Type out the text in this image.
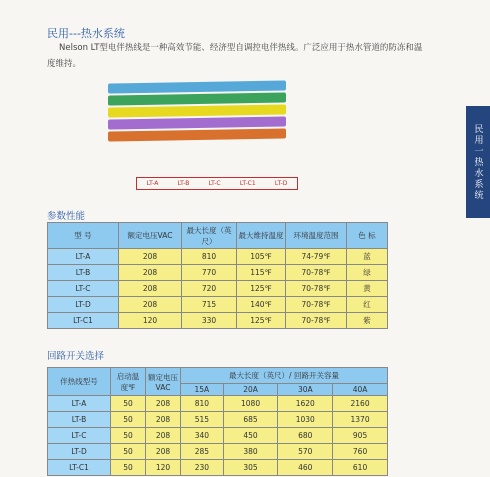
民用---热水系统
Nelson LT型电伴热线是一种高效节能、经济型自调控电伴热线。广泛应用于热水管道的防冻和温度维持。
LT-A	LT-B	LT-C	LT-C1	LT-D	民用一热水系统
参数性能
型 号	额定电压VAC	最大长度（英尺）	最大维持温度	环境温度范围	色 标
LT-A	208	810	105℉	74-79℉	蓝
LT-B	208	770	115℉	70-78℉	绿
LT-C	208	720	125℉	70-78℉	黄
LT-D	208	715	140℉	70-78℉	红
LT-C1	120	330	125℉	70-78℉	紫
回路开关选择
伴热线型号	启动温度℉	额定电压VAC	最大长度（英尺）/ 回路开关容量			
			15A	20A	30A	40A
LT-A	50	208	810	1080	1620	2160
LT-B	50	208	515	685	1030	1370
LT-C	50	208	340	450	680	905
LT-D	50	208	285	380	570	760
LT-C1	50	120	230	305	460	610
